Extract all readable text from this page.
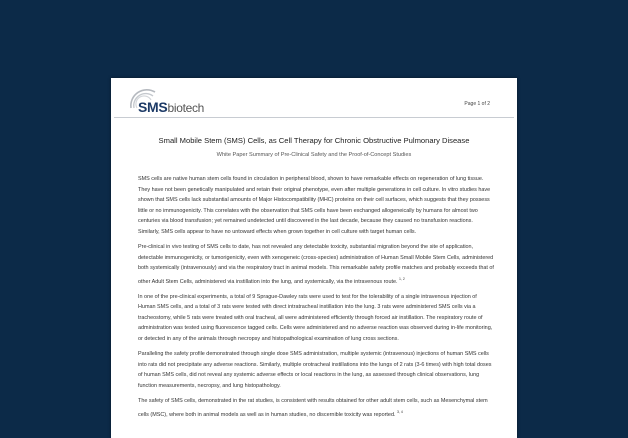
SMSbiotech	Page 1 of 2
Small Mobile Stem (SMS) Cells, as Cell Therapy for Chronic Obstructive Pulmonary Disease
White Paper Summary of Pre-Clinical Safety and the Proof-of-Concept Studies

SMS cells are native human stem cells found in circulation in peripheral blood, shown to have remarkable effects on regeneration of lung tissue. They have not been genetically manipulated and retain their original phenotype, even after multiple generations in cell culture. In vitro studies have shown that SMS cells lack substantial amounts of Major Histocompatibility (MHC) proteins on their cell surfaces, which suggests that they possess little or no immunogenicity. This correlates with the observation that SMS cells have been exchanged allogeneically by humans for almost two centuries via blood transfusion; yet remained undetected until discovered in the last decade, because they caused no transfusion reactions. Similarly, SMS cells appear to have no untoward effects when grown together in cell culture with target human cells.

Pre-clinical in vivo testing of SMS cells to date, has not revealed any detectable toxicity, substantial migration beyond the site of application, detectable immunogenicity, or tumorigenicity, even with xenogeneic (cross-species) administration of Human Small Mobile Stem Cells, administered both systemically (intravenously) and via the respiratory tract in animal models. This remarkable safety profile matches and probably exceeds that of other Adult Stem Cells, administered via instillation into the lung, and systemically, via the intravenous route. $^{1, 2}$

In one of the pre-clinical experiments, a total of 9 Sprague-Dawley rats were used to test for the tolerability of a single intravenous injection of Human SMS cells, and a total of 3 rats were tested with direct intratracheal instillation into the lung. 3 rats were administered SMS cells via a tracheostomy, while 5 rats were treated with oral tracheal, all were administered efficiently through forced air instillation. The respiratory route of administration was tested using fluorescence tagged cells. Cells were administered and no adverse reaction was observed during in-life monitoring, or detected in any of the animals through necropsy and histopathological examination of lung cross sections.

Paralleling the safety profile demonstrated through single dose SMS administration, multiple systemic (intravenous) injections of human SMS cells into rats did not precipitate any adverse reactions. Similarly, multiple orotracheal instillations into the lungs of 2 rats (3-6 times) with high total doses of human SMS cells, did not reveal any systemic adverse effects or local reactions in the lung, as assessed through clinical observations, lung function measurements, necropsy, and lung histopathology.

The safety of SMS cells, demonstrated in the rat studies, is consistent with results obtained for other adult stem cells, such as Mesenchymal stem cells (MSC), where both in animal models as well as in human studies, no discernible toxicity was reported. $^{3, 4}$
